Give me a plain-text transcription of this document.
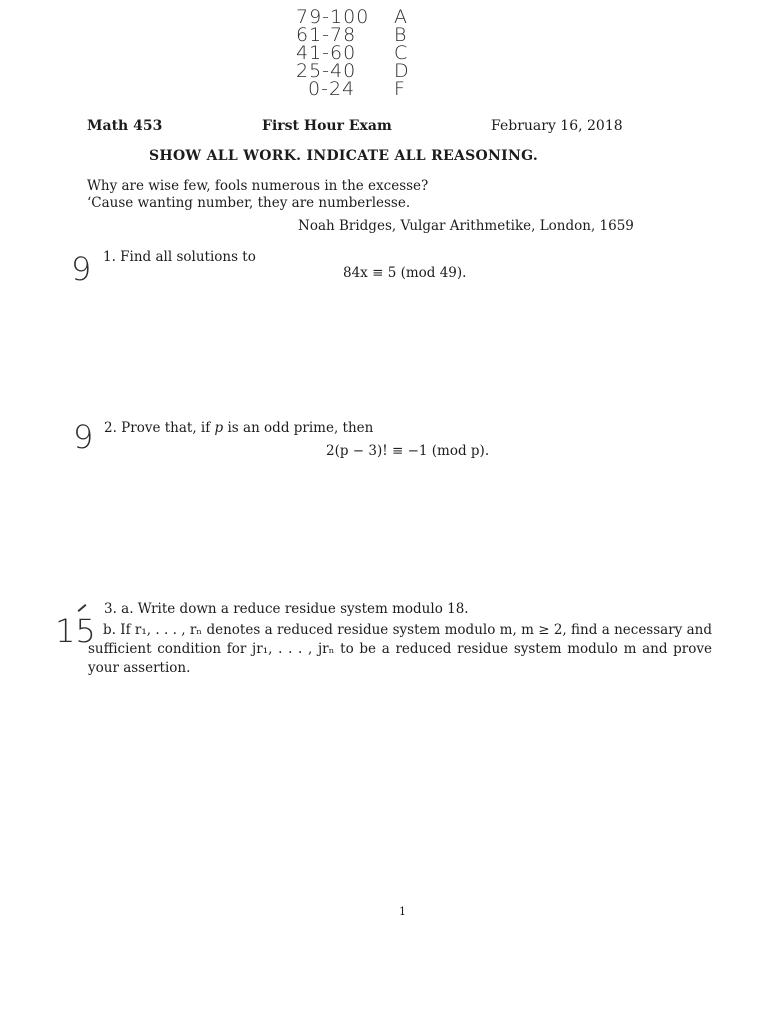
79-100 A
61-78 B
41-60 C
25-40 D
0-24 F
Math 453	First Hour Exam	February 16, 2018
SHOW ALL WORK. INDICATE ALL REASONING.
Why are wise few, fools numerous in the excesse?
‘Cause wanting number, they are numberlesse.
Noah Bridges, Vulgar Arithmetike, London, 1659
9 1. Find all solutions to
84x ≡ 5 (mod 49).
9 2. Prove that, if p is an odd prime, then
2(p − 3)! ≡ −1 (mod p).
15
3. a. Write down a reduce residue system modulo 18.
b. If r₁, . . . , rₙ denotes a reduced residue system modulo m, m ≥ 2, find a necessary and sufficient condition for jr₁, . . . , jrₙ to be a reduced residue system modulo m and prove your assertion.
1
